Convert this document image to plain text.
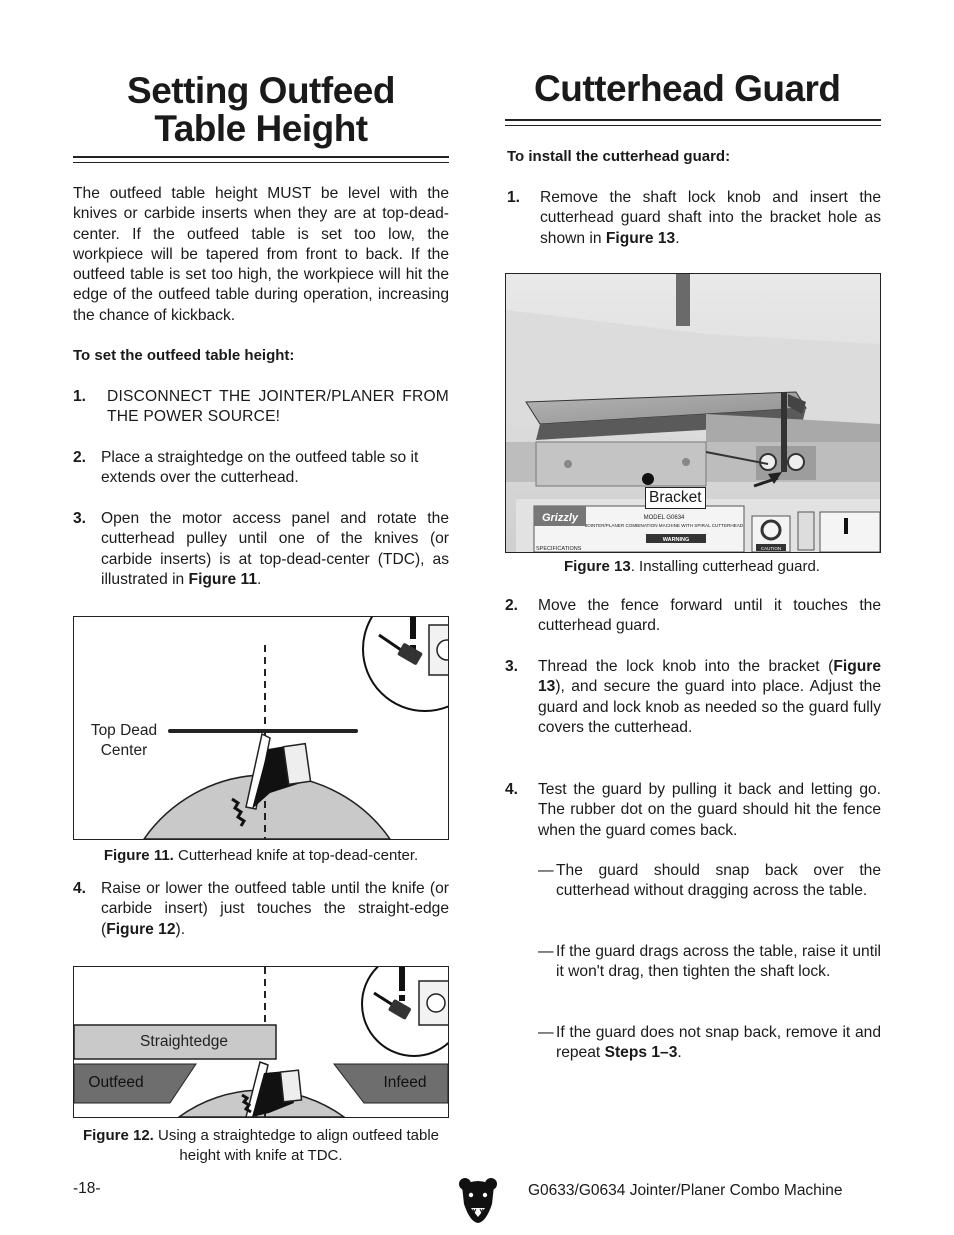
Setting Outfeed
Table Height
The outfeed table height MUST be level with the knives or carbide inserts when they are at top-dead-center. If the outfeed table is set too low, the workpiece will be tapered from front to back. If the outfeed table is set too high, the workpiece will hit the edge of the outfeed table during operation, increasing the chance of kickback.
To set the outfeed table height:
1.	DISCONNECT THE JOINTER/PLANER FROM THE POWER SOURCE!
2. Place a straightedge on the outfeed table so it extends over the cutterhead.
3. Open the motor access panel and rotate the cutterhead pulley until one of the knives (or carbide inserts) is at top-dead-center (TDC), as illustrated in Figure 11.
Top Dead
Center
Figure 11. Cutterhead knife at top-dead-center.
4. Raise or lower the outfeed table until the knife (or carbide insert) just touches the straight-edge (Figure 12).
Straightedge
Outfeed	Infeed
Figure 12. Using a straightedge to align outfeed table height with knife at TDC.
Cutterhead Guard
To install the cutterhead guard:
1.	Remove the shaft lock knob and insert the cutterhead guard shaft into the bracket hole as shown in Figure 13.
Grizzly	MODEL G0634
JOINTER/PLANER COMBINATION MACHINE WITH SPIRAL CUTTERHEAD
SPECIFICATIONS
WARNING
CAUTION
Bracket
Figure 13. Installing cutterhead guard.
2.	Move the fence forward until it touches the cutterhead guard.
3.	Thread the lock knob into the bracket (Figure 13), and secure the guard into place. Adjust the guard and lock knob as needed so the guard fully covers the cutterhead.
4.	Test the guard by pulling it back and letting go. The rubber dot on the guard should hit the fence when the guard comes back.
— The guard should snap back over the cutterhead without dragging across the table.
— If the guard drags across the table, raise it until it won't drag, then tighten the shaft lock.
— If the guard does not snap back, remove it and repeat Steps 1–3.
-18-	G0633/G0634 Jointer/Planer Combo Machine
